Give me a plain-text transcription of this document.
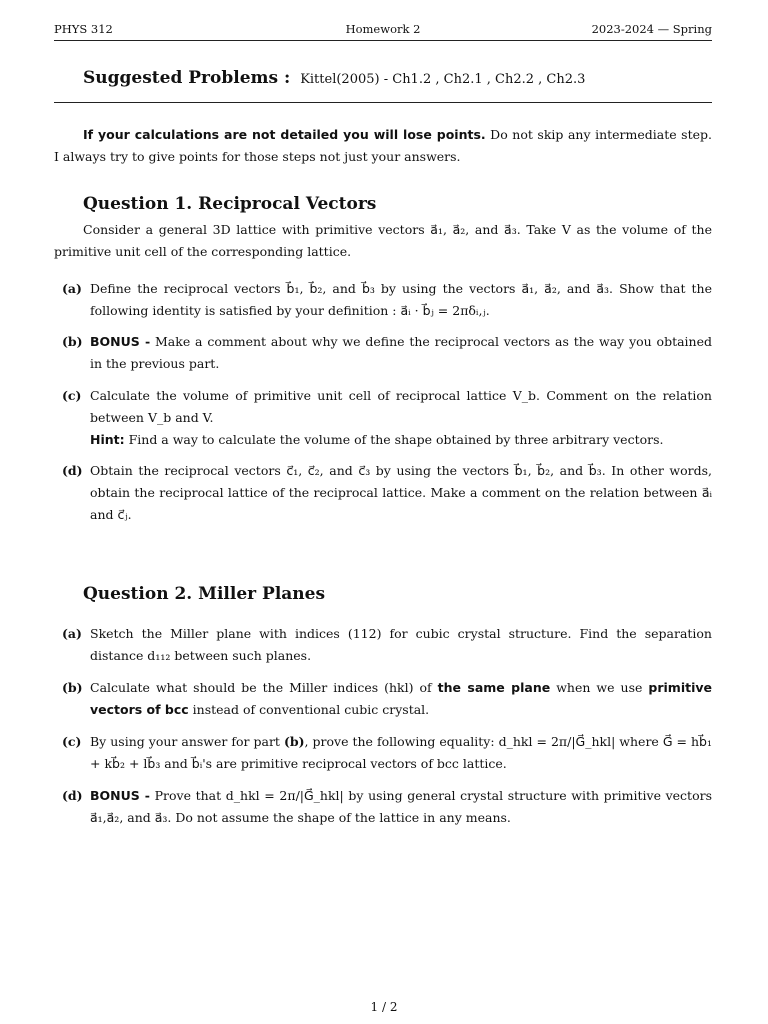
PHYS 312	Homework 2	2023-2024 — Spring
Suggested Problems : Kittel(2005) - Ch1.2 , Ch2.1 , Ch2.2 , Ch2.3
If your calculations are not detailed you will lose points. Do not skip any intermediate step. I always try to give points for those steps not just your answers.
Question 1. Reciprocal Vectors
Consider a general 3D lattice with primitive vectors a⃗₁, a⃗₂, and a⃗₃. Take V as the volume of the primitive unit cell of the corresponding lattice.
(a) Define the reciprocal vectors b⃗₁, b⃗₂, and b⃗₃ by using the vectors a⃗₁, a⃗₂, and a⃗₃. Show that the following identity is satisfied by your definition : a⃗ᵢ · b⃗ⱼ = 2πδᵢ,ⱼ.
(b) BONUS - Make a comment about why we define the reciprocal vectors as the way you obtained in the previous part.
(c) Calculate the volume of primitive unit cell of reciprocal lattice V_b. Comment on the relation between V_b and V.
Hint: Find a way to calculate the volume of the shape obtained by three arbitrary vectors.
(d) Obtain the reciprocal vectors c⃗₁, c⃗₂, and c⃗₃ by using the vectors b⃗₁, b⃗₂, and b⃗₃. In other words, obtain the reciprocal lattice of the reciprocal lattice. Make a comment on the relation between a⃗ᵢ and c⃗ⱼ.
Question 2. Miller Planes
(a) Sketch the Miller plane with indices (112) for cubic crystal structure. Find the separation distance d₁₁₂ between such planes.
(b) Calculate what should be the Miller indices (hkl) of the same plane when we use primitive vectors of bcc instead of conventional cubic crystal.
(c) By using your answer for part (b), prove the following equality: d_hkl = 2π/|G⃗_hkl| where G⃗ = hb⃗₁ + kb⃗₂ + lb⃗₃ and b⃗ᵢ's are primitive reciprocal vectors of bcc lattice.
(d) BONUS - Prove that d_hkl = 2π/|G⃗_hkl| by using general crystal structure with primitive vectors a⃗₁,a⃗₂, and a⃗₃. Do not assume the shape of the lattice in any means.
1 / 2
